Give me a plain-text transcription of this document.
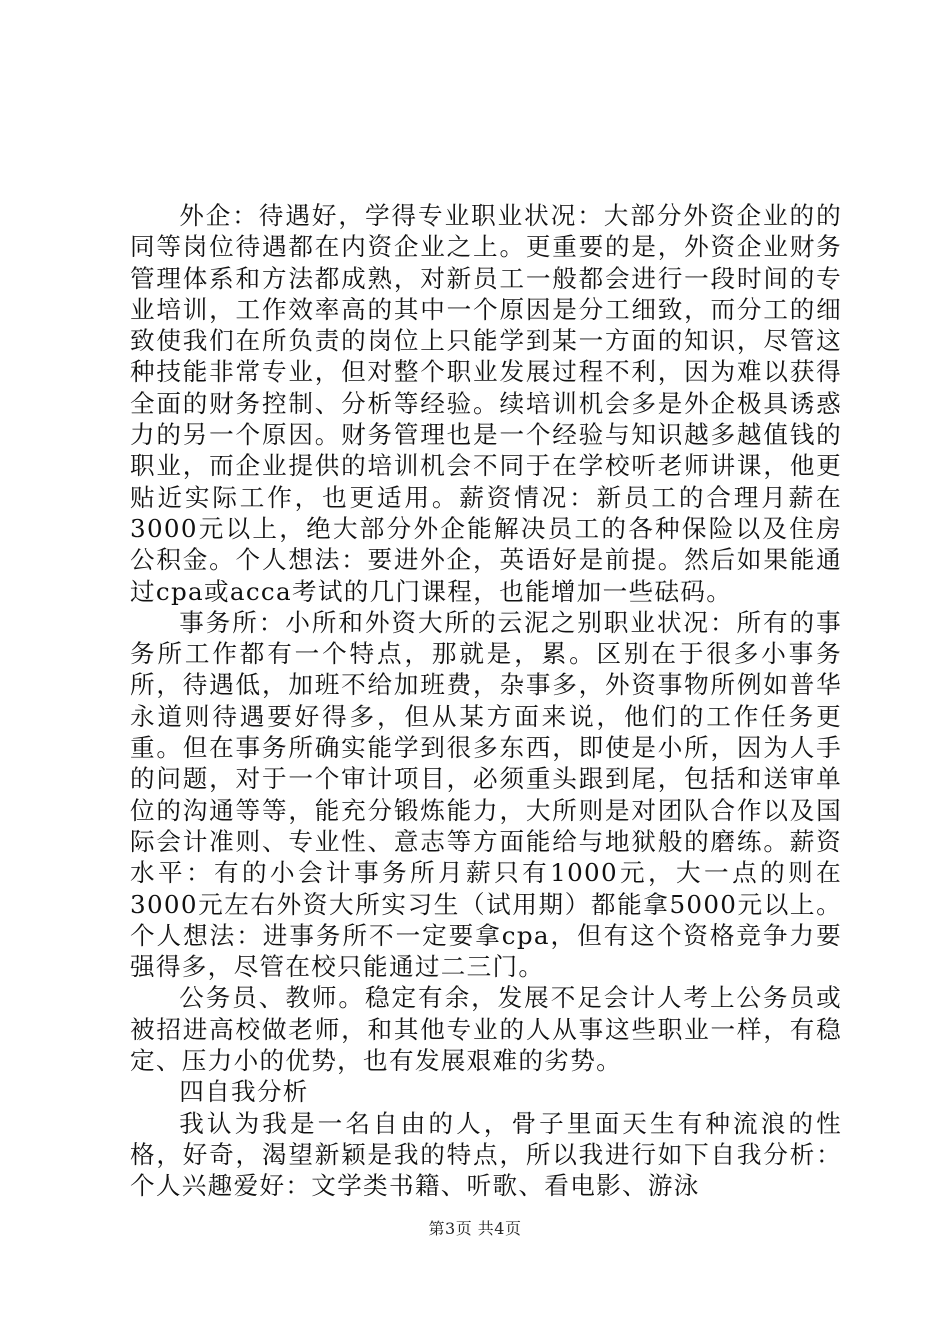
外企：待遇好，学得专业职业状况：大部分外资企业的的同等岗位待遇都在内资企业之上。更重要的是，外资企业财务管理体系和方法都成熟，对新员工一般都会进行一段时间的专业培训，工作效率高的其中一个原因是分工细致，而分工的细致使我们在所负责的岗位上只能学到某一方面的知识，尽管这种技能非常专业，但对整个职业发展过程不利，因为难以获得全面的财务控制、分析等经验。续培训机会多是外企极具诱惑力的另一个原因。财务管理也是一个经验与知识越多越值钱的职业，而企业提供的培训机会不同于在学校听老师讲课，他更贴近实际工作，也更适用。薪资情况：新员工的合理月薪在3000元以上，绝大部分外企能解决员工的各种保险以及住房公积金。个人想法：要进外企，英语好是前提。然后如果能通过cpa或acca考试的几门课程，也能增加一些砝码。

事务所：小所和外资大所的云泥之别职业状况：所有的事务所工作都有一个特点，那就是，累。区别在于很多小事务所，待遇低，加班不给加班费，杂事多，外资事物所例如普华永道则待遇要好得多，但从某方面来说，他们的工作任务更重。但在事务所确实能学到很多东西，即使是小所，因为人手的问题，对于一个审计项目，必须重头跟到尾，包括和送审单位的沟通等等，能充分锻炼能力，大所则是对团队合作以及国际会计准则、专业性、意志等方面能给与地狱般的磨练。薪资水平：有的小会计事务所月薪只有1000元，大一点的则在3000元左右外资大所实习生（试用期）都能拿5000元以上。个人想法：进事务所不一定要拿cpa，但有这个资格竞争力要强得多，尽管在校只能通过二三门。

公务员、教师。稳定有余，发展不足会计人考上公务员或被招进高校做老师，和其他专业的人从事这些职业一样，有稳定、压力小的优势，也有发展艰难的劣势。

四自我分析

我认为我是一名自由的人，骨子里面天生有种流浪的性格，好奇，渴望新颖是我的特点，所以我进行如下自我分析：个人兴趣爱好：文学类书籍、听歌、看电影、游泳

第3页 共4页
